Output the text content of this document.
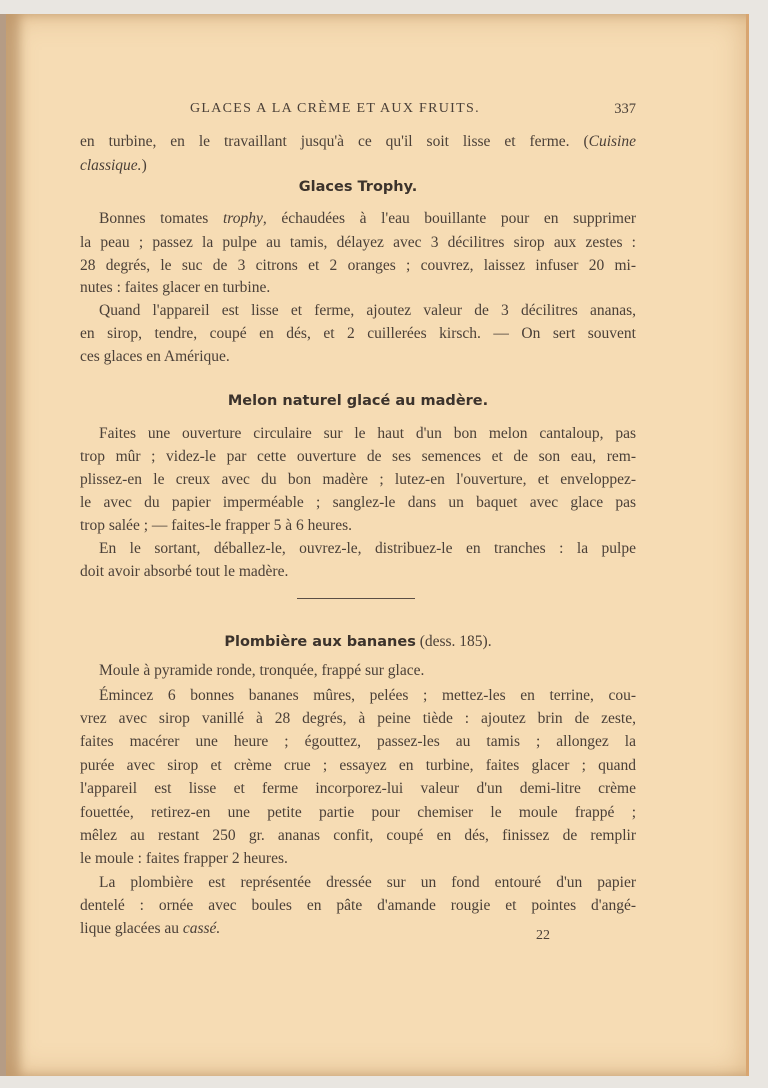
GLACES A LA CRÈME ET AUX FRUITS.	337
en turbine, en le travaillant jusqu'à ce qu'il soit lisse et ferme. (Cuisine
classique.)
Glaces Trophy.
Bonnes tomates trophy, échaudées à l'eau bouillante pour en supprimer
la peau ; passez la pulpe au tamis, délayez avec 3 décilitres sirop aux zestes :
28 degrés, le suc de 3 citrons et 2 oranges ; couvrez, laissez infuser 20 mi-
nutes : faites glacer en turbine.
Quand l'appareil est lisse et ferme, ajoutez valeur de 3 décilitres ananas,
en sirop, tendre, coupé en dés, et 2 cuillerées kirsch. — On sert souvent
ces glaces en Amérique.
Melon naturel glacé au madère.
Faites une ouverture circulaire sur le haut d'un bon melon cantaloup, pas
trop mûr ; videz-le par cette ouverture de ses semences et de son eau, rem-
plissez-en le creux avec du bon madère ; lutez-en l'ouverture, et enveloppez-
le avec du papier imperméable ; sanglez-le dans un baquet avec glace pas
trop salée ; — faites-le frapper 5 à 6 heures.
En le sortant, déballez-le, ouvrez-le, distribuez-le en tranches : la pulpe
doit avoir absorbé tout le madère.
Plombière aux bananes (dess. 185).
Moule à pyramide ronde, tronquée, frappé sur glace.
Émincez 6 bonnes bananes mûres, pelées ; mettez-les en terrine, cou-
vrez avec sirop vanillé à 28 degrés, à peine tiède : ajoutez brin de zeste,
faites macérer une heure ; égouttez, passez-les au tamis ; allongez la
purée avec sirop et crème crue ; essayez en turbine, faites glacer ; quand
l'appareil est lisse et ferme incorporez-lui valeur d'un demi-litre crème
fouettée, retirez-en une petite partie pour chemiser le moule frappé ;
mêlez au restant 250 gr. ananas confit, coupé en dés, finissez de remplir
le moule : faites frapper 2 heures.
La plombière est représentée dressée sur un fond entouré d'un papier
dentelé : ornée avec boules en pâte d'amande rougie et pointes d'angé-
lique glacées au cassé.	22
